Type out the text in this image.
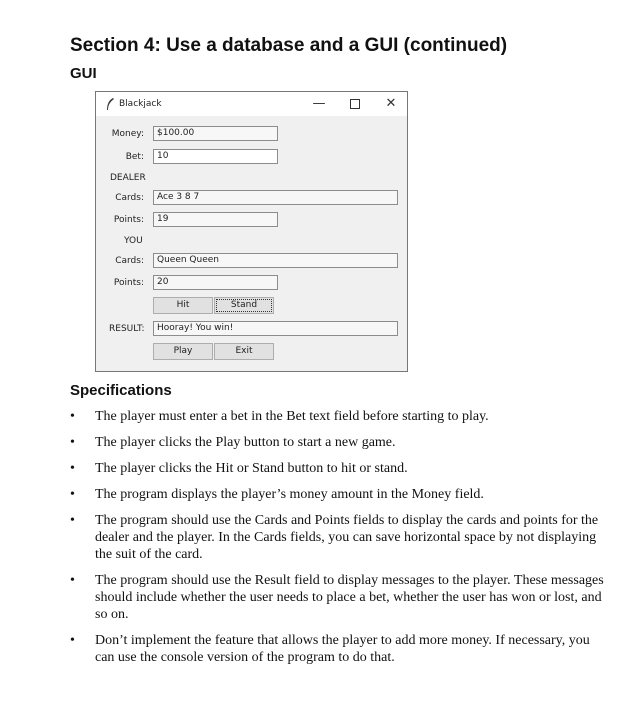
Section 4: Use a database and a GUI (continued)
GUI
Blackjack	—	✕
Money:	$100.00
Bet:	10
DEALER
Cards:	Ace 3 8 7
Points:	19
YOU
Cards:	Queen Queen
Points:	20
Hit	Stand
RESULT:	Hooray! You win!
Play	Exit
Specifications
• The player must enter a bet in the Bet text field before starting to play.
• The player clicks the Play button to start a new game.
• The player clicks the Hit or Stand button to hit or stand.
• The program displays the player’s money amount in the Money field.
• The program should use the Cards and Points fields to display the cards and points for the dealer and the player. In the Cards fields, you can save horizontal space by not displaying the suit of the card.
• The program should use the Result field to display messages to the player. These messages should include whether the user needs to place a bet, whether the user has won or lost, and so on.
• Don’t implement the feature that allows the player to add more money. If necessary, you can use the console version of the program to do that.
